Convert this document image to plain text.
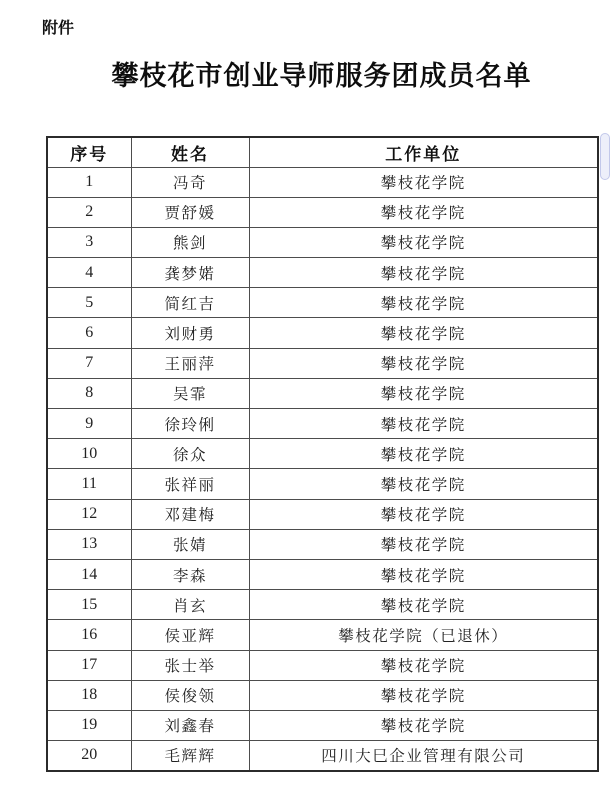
附件
攀枝花市创业导师服务团成员名单
序号	姓名	工作单位
1	冯奇	攀枝花学院
2	贾舒媛	攀枝花学院
3	熊剑	攀枝花学院
4	龚梦婼	攀枝花学院
5	简红吉	攀枝花学院
6	刘财勇	攀枝花学院
7	王丽萍	攀枝花学院
8	吴霏	攀枝花学院
9	徐玲俐	攀枝花学院
10	徐众	攀枝花学院
11	张祥丽	攀枝花学院
12	邓建梅	攀枝花学院
13	张婧	攀枝花学院
14	李森	攀枝花学院
15	肖玄	攀枝花学院
16	侯亚辉	攀枝花学院（已退休）
17	张士举	攀枝花学院
18	侯俊领	攀枝花学院
19	刘鑫春	攀枝花学院
20	毛辉辉	四川大巳企业管理有限公司
